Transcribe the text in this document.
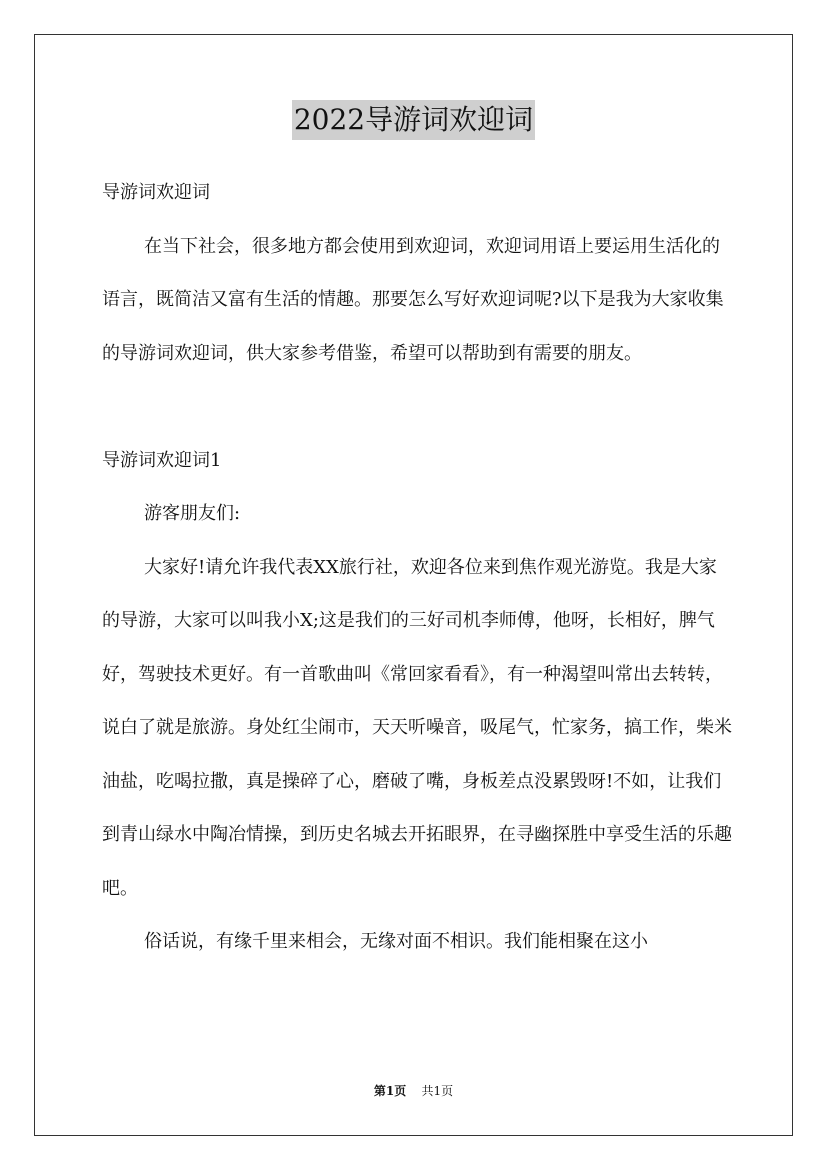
2022导游词欢迎词

导游词欢迎词

在当下社会，很多地方都会使用到欢迎词，欢迎词用语上要运用生活化的语言，既简洁又富有生活的情趣。那要怎么写好欢迎词呢?以下是我为大家收集的导游词欢迎词，供大家参考借鉴，希望可以帮助到有需要的朋友。

导游词欢迎词1

游客朋友们:

大家好!请允许我代表XX旅行社，欢迎各位来到焦作观光游览。我是大家的导游，大家可以叫我小X;这是我们的三好司机李师傅，他呀，长相好，脾气好，驾驶技术更好。有一首歌曲叫《常回家看看》，有一种渴望叫常出去转转，说白了就是旅游。身处红尘闹市，天天听噪音，吸尾气，忙家务，搞工作，柴米油盐，吃喝拉撒，真是操碎了心，磨破了嘴，身板差点没累毁呀!不如，让我们到青山绿水中陶冶情操，到历史名城去开拓眼界，在寻幽探胜中享受生活的乐趣吧。

俗话说，有缘千里来相会，无缘对面不相识。我们能相聚在这小

第1页 共1页
